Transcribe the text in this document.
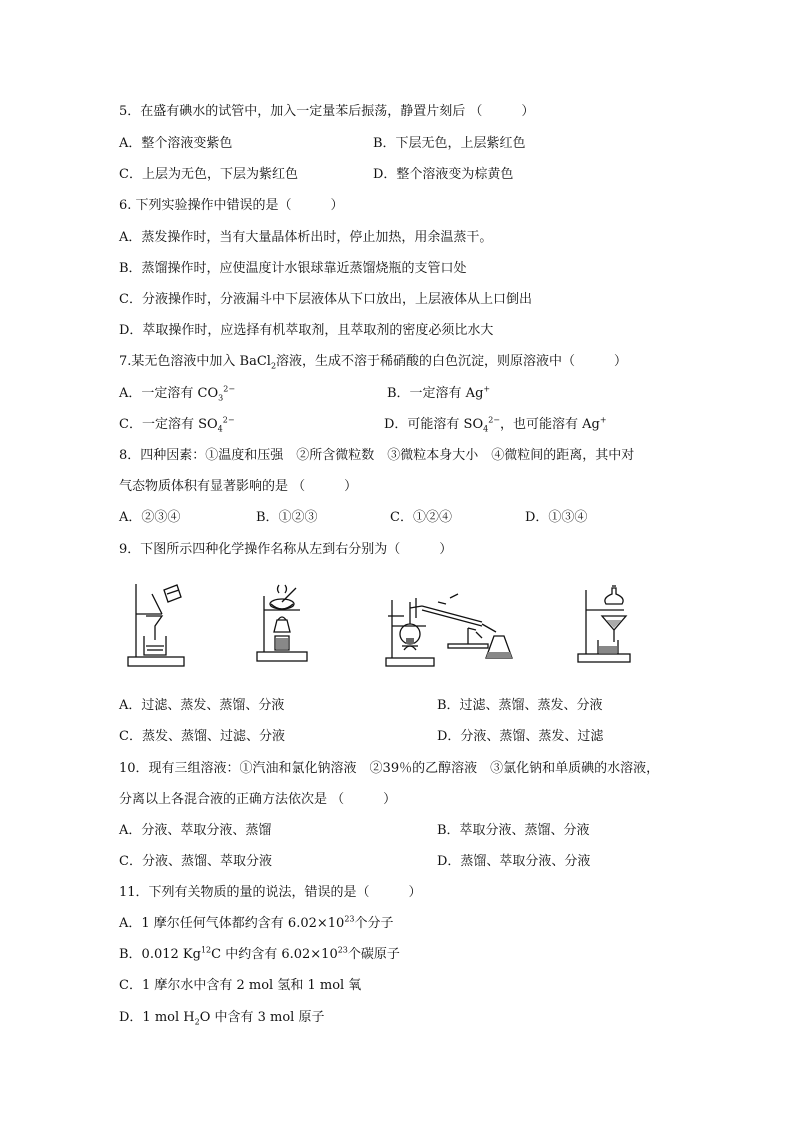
5．在盛有碘水的试管中，加入一定量苯后振荡，静置片刻后 （　　　）
A．整个溶液变紫色	B．下层无色，上层紫红色
C．上层为无色，下层为紫红色	D．整个溶液变为棕黄色
6. 下列实验操作中错误的是（　　　）
A．蒸发操作时，当有大量晶体析出时，停止加热，用余温蒸干。
B．蒸馏操作时，应使温度计水银球靠近蒸馏烧瓶的支管口处
C．分液操作时，分液漏斗中下层液体从下口放出，上层液体从上口倒出
D．萃取操作时，应选择有机萃取剂，且萃取剂的密度必须比水大
7.某无色溶液中加入 BaCl$_2$溶液，生成不溶于稀硝酸的白色沉淀，则原溶液中（　　　）
A．一定溶有 $CO_3^{2-}$	B．一定溶有 Ag+
C．一定溶有 $SO_4^{2-}$	D．可能溶有 $SO_4^{2-}$，也可能溶有 Ag+
8．四种因素：①温度和压强　②所含微粒数　③微粒本身大小　④微粒间的距离，其中对
气态物质体积有显著影响的是 （　　　）
A．②③④	B．①②③	C．①②④	D．①③④
9．下图所示四种化学操作名称从左到右分别为（　　　）
A．过滤、蒸发、蒸馏、分液	B．过滤、蒸馏、蒸发、分液
C．蒸发、蒸馏、过滤、分液	D．分液、蒸馏、蒸发、过滤
10．现有三组溶液：①汽油和氯化钠溶液　②39％的乙醇溶液　③氯化钠和单质碘的水溶液，
分离以上各混合液的正确方法依次是 （　　　）
A．分液、萃取分液、蒸馏	B．萃取分液、蒸馏、分液
C．分液、蒸馏、萃取分液	D．蒸馏、萃取分液、分液
11．下列有关物质的量的说法，错误的是（　　　）
A．1 摩尔任何气体都约含有 $6.02\times 10^{23}$个分子
B．0.012 Kg$^{12}$C 中约含有 $6.02\times 10^{23}$个碳原子
C．1 摩尔水中含有 2 mol 氢和 1 mol 氧
D．1 mol $H_2O$ 中含有 3 mol 原子
